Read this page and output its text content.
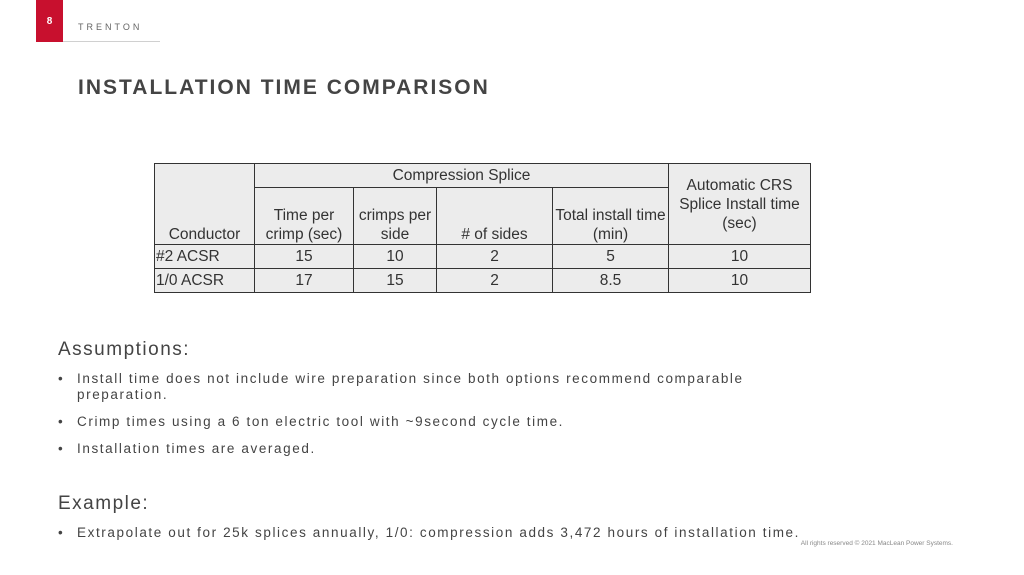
8
TRENTON
INSTALLATION TIME COMPARISON
Conductor	Compression Splice				Automatic CRS Splice Install time (sec)
	Time per crimp (sec)	crimps per side	# of sides	Total install time (min)	
#2 ACSR	15	10	2	5	10
1/0 ACSR	17	15	2	8.5	10
Assumptions:
• Install time does not include wire preparation since both options recommend comparable preparation.
• Crimp times using a 6 ton electric tool with ~9second cycle time.
• Installation times are averaged.
Example:
• Extrapolate out for 25k splices annually, 1/0: compression adds 3,472 hours of installation time.
All rights reserved © 2021 MacLean Power Systems.
